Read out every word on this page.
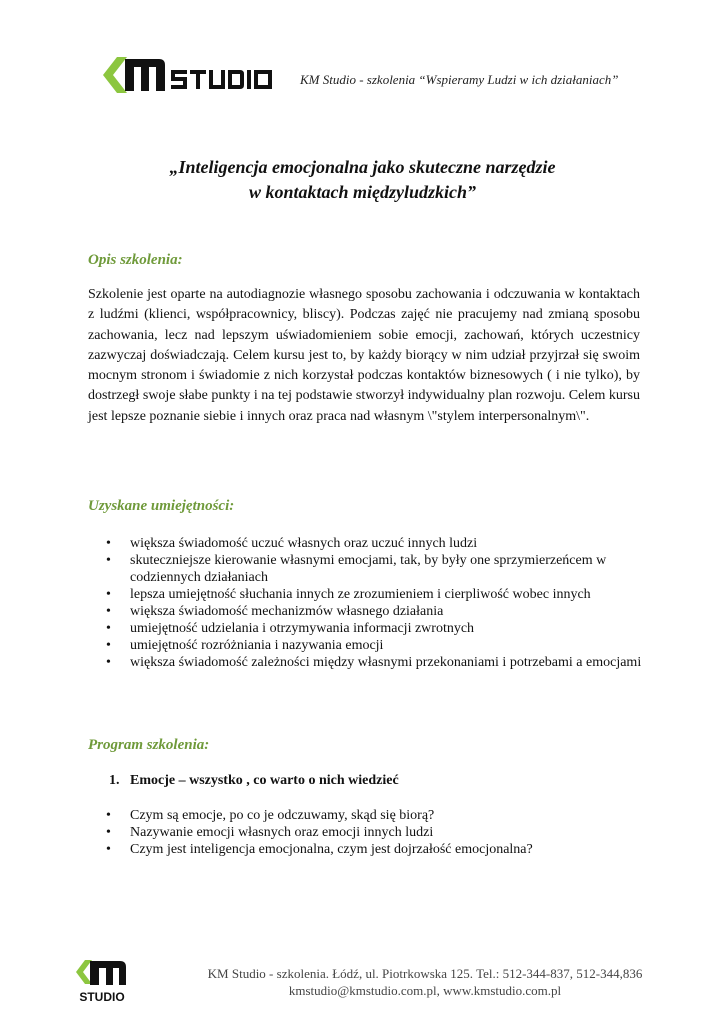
KM Studio - szkolenia “Wspieramy Ludzi w ich działaniach”
„Inteligencja emocjonalna jako skuteczne narzędzie
w kontaktach międzyludzkich”
Opis szkolenia:

Szkolenie jest oparte na autodiagnozie własnego sposobu zachowania i odczuwania w kontaktach z ludźmi (klienci, współpracownicy, bliscy). Podczas zajęć nie pracujemy nad zmianą sposobu zachowania, lecz nad lepszym uświadomieniem sobie emocji, zachowań, których uczestnicy zazwyczaj doświadczają. Celem kursu jest to, by każdy biorący w nim udział przyjrzał się swoim mocnym stronom i świadomie z nich korzystał podczas kontaktów biznesowych ( i nie tylko), by dostrzegł swoje słabe punkty i na tej podstawie stworzył indywidualny plan rozwoju. Celem kursu jest lepsze poznanie siebie i innych oraz praca nad własnym \"stylem interpersonalnym\".

Uzyskane umiejętności:
• większa świadomość uczuć własnych oraz uczuć innych ludzi
• skuteczniejsze kierowanie własnymi emocjami, tak, by były one sprzymierzeńcem w codziennych działaniach
• lepsza umiejętność słuchania innych ze zrozumieniem i cierpliwość wobec innych
• większa świadomość mechanizmów własnego działania
• umiejętność udzielania i otrzymywania informacji zwrotnych
• umiejętność rozróżniania i nazywania emocji
• większa świadomość zależności między własnymi przekonaniami i potrzebami a emocjami
Program szkolenia:
1. Emocje – wszystko , co warto o nich wiedzieć
• Czym są emocje, po co je odczuwamy, skąd się biorą?
• Nazywanie emocji własnych oraz emocji innych ludzi
• Czym jest inteligencja emocjonalna, czym jest dojrzałość emocjonalna?
STUDIO
KM Studio - szkolenia. Łódź, ul. Piotrkowska 125. Tel.: 512-344-837, 512-344,836
kmstudio@kmstudio.com.pl, www.kmstudio.com.pl
